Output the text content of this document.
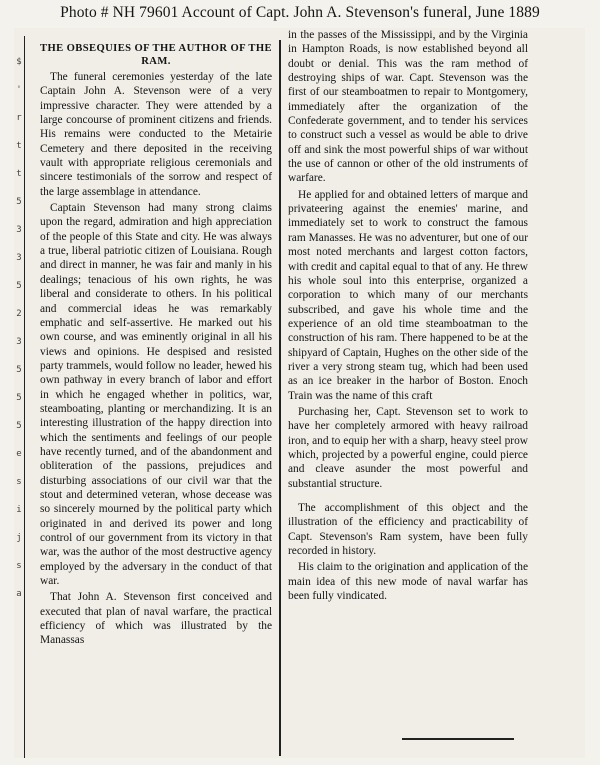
Photo # NH 79601 Account of Capt. John A. Stevenson's funeral, June 1889
$
'
r
t
t
5
3
3
5
2
3
5
5
5
e
s
i
j
s
a

THE OBSEQUIES OF THE AUTHOR OF THE RAM.

The funeral ceremonies yesterday of the late Captain John A. Stevenson were of a very impressive character. They were attended by a large concourse of prominent citizens and friends. His remains were conducted to the Metairie Cemetery and there deposited in the receiving vault with appropriate religious ceremonials and sincere testimonials of the sorrow and respect of the large assemblage in attendance.

Captain Stevenson had many strong claims upon the regard, admiration and high appreciation of the people of this State and city. He was always a true, liberal patriotic citizen of Louisiana. Rough and direct in manner, he was fair and manly in his dealings; tenacious of his own rights, he was liberal and considerate to others. In his political and commercial ideas he was remarkably emphatic and self-assertive. He marked out his own course, and was eminently original in all his views and opinions. He despised and resisted party trammels, would follow no leader, hewed his own pathway in every branch of labor and effort in which he engaged whether in politics, war, steamboating, planting or merchandizing. It is an interesting illustration of the happy direction into which the sentiments and feelings of our people have recently turned, and of the abandonment and obliteration of the passions, prejudices and disturbing associations of our civil war that the stout and determined veteran, whose decease was so sincerely mourned by the political party which originated in and derived its power and long control of our government from its victory in that war, was the author of the most destructive agency employed by the adversary in the conduct of that war.

That John A. Stevenson first conceived and executed that plan of naval warfare, the practical efficiency of which was illustrated by the Manassas

in the passes of the Mississippi, and by the Virginia in Hampton Roads, is now established beyond all doubt or denial. This was the ram method of destroying ships of war. Capt. Stevenson was the first of our steamboatmen to repair to Montgomery, immediately after the organization of the Confederate government, and to tender his services to construct such a vessel as would be able to drive off and sink the most powerful ships of war without the use of cannon or other of the old instruments of warfare.

He applied for and obtained letters of marque and privateering against the enemies' marine, and immediately set to work to construct the famous ram Manasses. He was no adventurer, but one of our most noted merchants and largest cotton factors, with credit and capital equal to that of any. He threw his whole soul into this enterprise, organized a corporation to which many of our merchants subscribed, and gave his whole time and the experience of an old time steamboatman to the construction of his ram. There happened to be at the shipyard of Captain, Hughes on the other side of the river a very strong steam tug, which had been used as an ice breaker in the harbor of Boston. Enoch Train was the name of this craft

Purchasing her, Capt. Stevenson set to work to have her completely armored with heavy railroad iron, and to equip her with a sharp, heavy steel prow which, projected by a powerful engine, could pierce and cleave asunder the most powerful and substantial structure.

The accomplishment of this object and the illustration of the efficiency and practicability of Capt. Stevenson's Ram system, have been fully recorded in history.

His claim to the origination and application of the main idea of this new mode of naval warfar has been fully vindicated.
